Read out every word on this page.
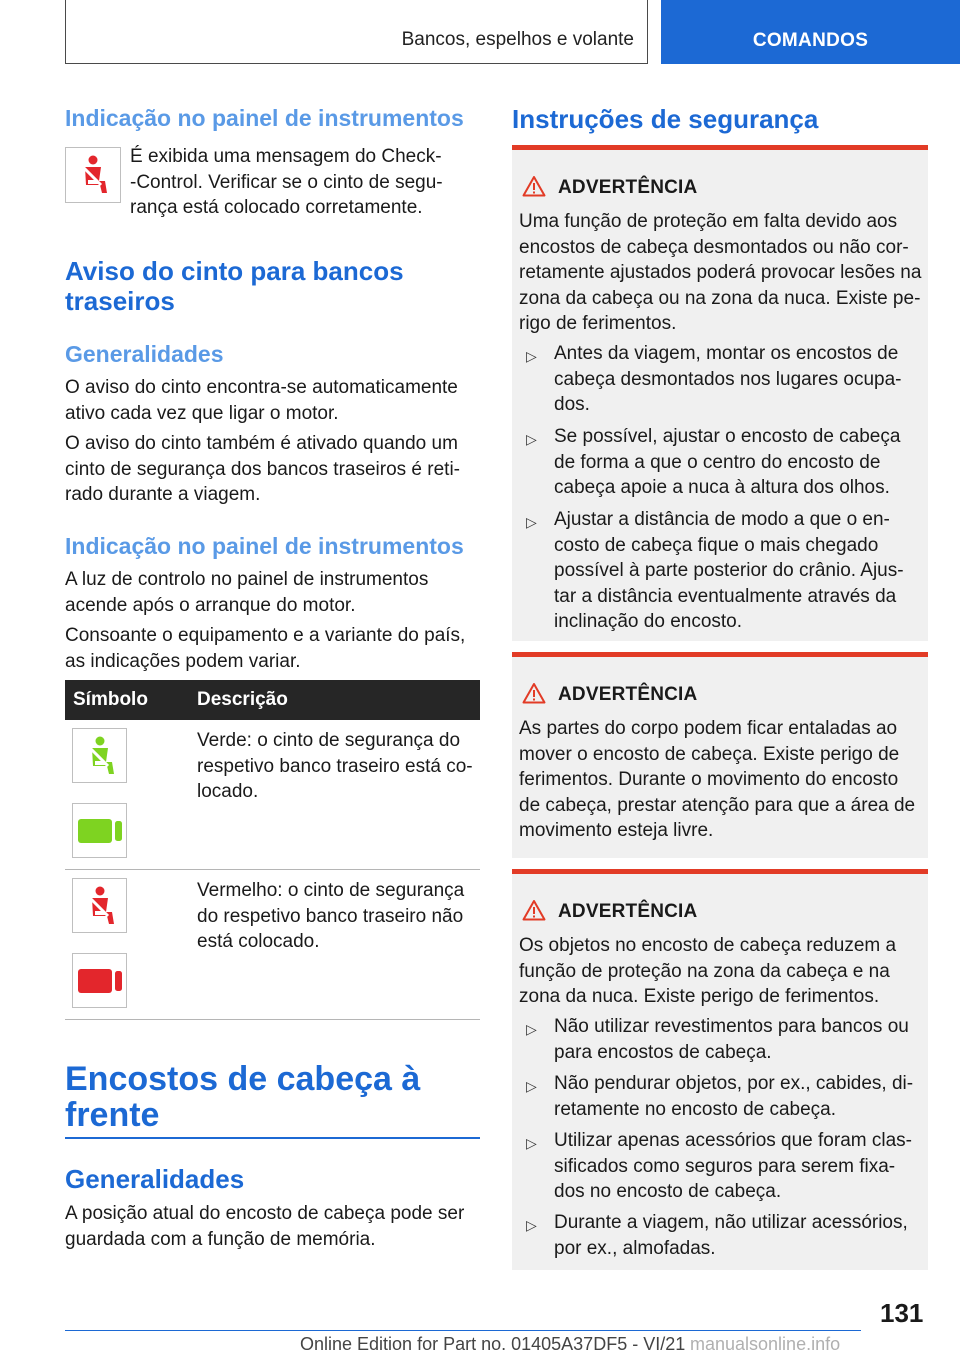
Bancos, espelhos e volante	COMANDOS
Indicação no painel de instrumentos
É exibida uma mensagem do Check-
-Control. Verificar se o cinto de segu-
rança está colocado corretamente.
Aviso do cinto para bancos
traseiros
Generalidades
O aviso do cinto encontra-se automaticamente
ativo cada vez que ligar o motor.
O aviso do cinto também é ativado quando um
cinto de segurança dos bancos traseiros é reti-
rado durante a viagem.
Indicação no painel de instrumentos
A luz de controlo no painel de instrumentos
acende após o arranque do motor.
Consoante o equipamento e a variante do país,
as indicações podem variar.
Símbolo	Descrição
Verde: o cinto de segurança do
respetivo banco traseiro está co-
locado.
Vermelho: o cinto de segurança
do respetivo banco traseiro não
está colocado.
Encostos de cabeça à
frente
Generalidades
A posição atual do encosto de cabeça pode ser
guardada com a função de memória.
Instruções de segurança
ADVERTÊNCIA
Uma função de proteção em falta devido aos
encostos de cabeça desmontados ou não cor-
retamente ajustados poderá provocar lesões na
zona da cabeça ou na zona da nuca. Existe pe-
rigo de ferimentos.
▷ Antes da viagem, montar os encostos de
cabeça desmontados nos lugares ocupa-
dos.
▷ Se possível, ajustar o encosto de cabeça
de forma a que o centro do encosto de
cabeça apoie a nuca à altura dos olhos.
▷ Ajustar a distância de modo a que o en-
costo de cabeça fique o mais chegado
possível à parte posterior do crânio. Ajus-
tar a distância eventualmente através da
inclinação do encosto.
ADVERTÊNCIA
As partes do corpo podem ficar entaladas ao
mover o encosto de cabeça. Existe perigo de
ferimentos. Durante o movimento do encosto
de cabeça, prestar atenção para que a área de
movimento esteja livre.
ADVERTÊNCIA
Os objetos no encosto de cabeça reduzem a
função de proteção na zona da cabeça e na
zona da nuca. Existe perigo de ferimentos.
▷ Não utilizar revestimentos para bancos ou
para encostos de cabeça.
▷ Não pendurar objetos, por ex., cabides, di-
retamente no encosto de cabeça.
▷ Utilizar apenas acessórios que foram clas-
sificados como seguros para serem fixa-
dos no encosto de cabeça.
▷ Durante a viagem, não utilizar acessórios,
por ex., almofadas.
131
Online Edition for Part no. 01405A37DF5 - VI/21 manualsonline.info
